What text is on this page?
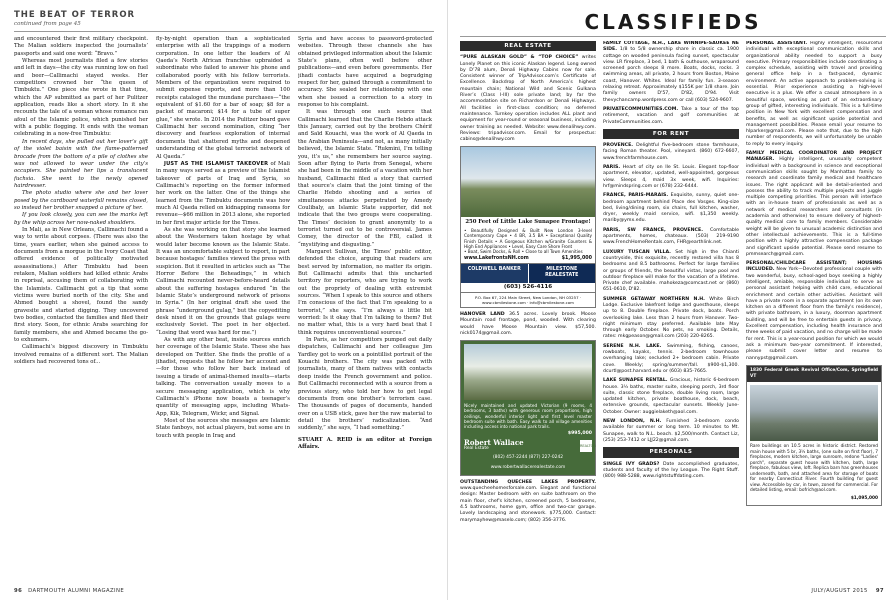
THE BEAT OF TERROR
continued from page 45

and encountered their first military checkpoint. The Malian soldiers inspected the journalists’ passports and said one word: “Bravo.”

Whereas most journalists filed a few stories and left in days—the city was running low on fuel and beer—Callimachi stayed weeks. Her competitors crowned her “the queen of Timbuktu.” One piece she wrote in that time, which the AP submitted as part of her Pulitzer application, reads like a short story. In it she recounts the tale of a woman whose romance ran afoul of the Islamic police, which punished her with a public flogging. It ends with the woman celebrating in a now-free Timbuktu:

In recent days, she pulled out her lover’s gift of the violet baisin with the flame-patterned brocade from the bottom of a pile of clothes she was not allowed to wear under the city’s occupiers. She painted her lips a translucent fuchsia. She went to the newly opened hairdresser.

The photo studio where she and her lover posed by the cardboard waterfall remains closed, so instead her brother snapped a picture of her.

If you look closely, you can see the marks left by the whip across her now-naked shoulders.

In Mali, as in New Orleans, Callimachi found a way to write about corpses. (There was also the time, years earlier, when she gained access to documents from a morgue in the Ivory Coast that offered evidence of politically motivated assassinations.) After Timbuktu had been retaken, Malian soldiers had killed ethnic Arabs in reprisal, accusing them of collaborating with the Islamists. Callimachi got a tip that some victims were buried north of the city. She and Ahmed bought a shovel, found the sandy gravesite and started digging. They uncovered two bodies, contacted the families and filed their first story. Soon, for ethnic Arabs searching for family members, she and Ahmed became the go-to exhumers.

Callimachi’s biggest discovery in Timbuktu involved remains of a different sort. The Malian soldiers had recovered tons of...

fly-by-night operation than a sophisticated enterprise with all the trappings of a modern corporation. In one letter the leaders of Al Qaeda’s North African franchise upbraided a subordinate who failed to answer his phone and collaborated poorly with his fellow terrorists. Members of the organization were required to submit expense reports, and more than 100 receipts cataloged the mundane purchases—“the equivalent of $1.60 for a bar of soap; $8 for a packet of macaroni; $14 for a tube of super glue,” she wrote. In 2014 the Pulitzer board gave Callimachi her second nomination, citing “her discovery and fearless exploration of internal documents that shattered myths and deepened understanding of the global terrorist network of Al Qaeda.”

JUST AS THE ISLAMIST TAKEOVER of Mali in many ways served as a preview of the Islamist takeover of parts of Iraq and Syria, so Callimachi’s reporting on the former informed her work on the latter. One of the things she learned from the Timbuktu documents was how much Al Qaeda relied on kidnapping ransoms for revenue—$66 million in 2013 alone, she reported in her first major article for the Times.

As she was working on that story she learned about the Westerners taken hostage by what would later become known as the Islamic State. It was an uncomfortable subject to report, in part because hostages’ families viewed the press with suspicion. But it resulted in articles such as “The Horror Before the Beheadings,” in which Callimachi recounted never-before-heard details about the suffering hostages endured “in the Islamic State’s underground network of prisons in Syria.” (In her original draft she used the phrase “underground gulag,” but the copyediting desk nixed it on the grounds that gulags were exclusively Soviet. The poet in her objected. “Losing that word was hard for me.”)

As with any other beat, inside sources enrich her coverage of the Islamic State. These she has developed on Twitter. She finds the profile of a jihadist, requests that he follow her account and—for those who follow her back instead of issuing a tirade of animal-themed insults—starts talking. The conversation usually moves to a secure messaging application, which is why Callimachi’s iPhone now boasts a teenager’s quantity of messaging apps, including Whats-App, Kik, Telegram, Wickr, and Signal.

Most of the sources she messages are Islamic State fanboys, not actual players, but some are in touch with people in Iraq and

Syria and have access to password-protected websites. Through these channels she has obtained privileged information about the Islamic State’s plans, often well before other publications—and even before governments. Her jihadi contacts have acquired a begrudging respect for her, gained through a commitment to accuracy. She sealed her relationship with one when she issued a correction to a story in response to his complaint.

It was through one such source that Callimachi learned that the Charlie Hebdo attack this January, carried out by the brothers Chérif and Saïd Kouachi, was the work of Al Qaeda in the Arabian Peninsula—and not, as many initially believed, the Islamic State. “Rukmini, I’m telling you, it’s us,” she remembers her source saying. Soon after flying to Paris from Senegal, where she had been in the middle of a vacation with her husband, Callimachi filed a story that carried that source’s claim that the joint timing of the Charlie Hebdo shooting and a series of simultaneous attacks perpetrated by Amedy Coulibaly, an Islamic State supporter, did not indicate that the two groups were cooperating. The Times’ decision to grant anonymity to a terrorist turned out to be controversial. James Comey, the director of the FBI, called it “mystifying and disgusting.”

Margaret Sullivan, the Times’ public editor, defended the choice, arguing that readers are best served by information, no matter its origin. But Callimachi admits that this uncharted territory for reporters, who are trying to work out the propriety of dealing with extremist sources. “When I speak to this source and others I’m conscious of the fact that I’m speaking to a terrorist,” she says. “I’m always a little bit worried: Is it okay that I’m talking to them? But no matter what, this is a very hard beat that I think requires unconventional sources.”

In Paris, as her competitors pumped out daily dispatches, Callimachi and her colleague Jim Yardley got to work on a pointillist portrait of the Kouachi brothers. The city was packed with journalists, many of them natives with contacts deep inside the French government and police. But Callimachi reconnected with a source from a previous story, who told her how to get legal documents from one brother’s terrorism case. The thousands of pages of documents, handed over on a USB stick, gave her the raw material to detail the brothers’ radicalization. “And suddenly,” she says, “I had something.”

STUART A. REID is an editor at Foreign Affairs.

96 DARTMOUTH ALUMNI MAGAZINE
CLASSIFIEDS
REAL ESTATE

“PURE ALASKAN GOLD” & “TOP CHOICE” writes Lonely Planet on this iconic Alaskan legend. Long owned by D’78 alum, Denali Highway Cabins now for sale. Consistent winner of TripAdvisor.com’s Certificate of Excellence. Backdrop of North America’s highest mountain chain; National Wild and Scenic Gulkana River’s (Class I-III) sole private land; by far the accommodation site on Richardson or Denali Highways. All facilities in first-class condition; no deferred maintenance. Turnkey operation includes ALL plant and equipment for year-round or seasonal business, including owner training as needed. Website: www.denalihwy.com. Reviews: tripadvisor.com. Email for prospectus: cabins@denalihwy.com

250 Feet of Little Lake Sunapee Frontage!
• Beautifully Designed & Built New London 3-level Contemporary Cape • 4 BR, 3.5 BA • Exceptional Quality Finish Details • A Gorgeous Kitchen w/Granite Counters & High End Appliances • Level, Easy Care Shore Front
• Boat, Swim Docks, & Roll • Close to all Town Amenities
www.LakefrontsNH.com	$1,995,000
COLDWELL BANKER	MILESTONE REALESTATE
(603) 526-4116
P.O. Box 67, 224 Main Street, New London, NH 03257 · www.cbmilestone.com · info@cbmilestone.com

HANOVER LAND 36.5 acres. Lovely brook. Moose Mountain road frontage, pond, wooded. With clearing would have Moose Mountain view. $57,500. nick0174@gmail.com.

Nicely maintained and updated Victorian (9 rooms, 4 bedrooms, 3 baths) with generous room proportions, high ceilings, wonderful interior light and first level master bedroom suite with bath. Easy walk to all village amenities including access into national park trails.
$995,000
Robert Wallace
Real Estate	REALTOR
(802) 457-2244 (877) 227-0242
www.robertwallacerealestate.com

OUTSTANDING QUECHEE LAKES PROPERTY. www.quecheehomesforsale.com. Elegant and functional design: Master bedroom with en suite bathroom on the main floor, chef's kitchen, screened porch, 5 bedrooms, 4.5 bathrooms, home gym, office and two-car garage. Lovely landscaping and stonework. $775,000. Contact: marymayhew@maselo.com; (802) 356-3776.

FAMILY COTTAGE, N.H., LAKE WINNIPE-SAUKEE NE SIDE. 1/8 to 5/8 ownership share in classic ca. 1900 cottage on wooded peninsula facing sunset, spectacular view. LR fireplace, 3 bed, 1 bath & outhouse, wraparound screened porch sleeps 8 more. Boats, docks, rocks. 3 swimming areas, all private, 2 hours from Boston, Maine coast, Hanover. Whites. Ideal for family fun. 3-season relaxing retreat. Approximately $155K per 1/8 share. Join family owners D'57, D'82, D'94. Visit thevychancamp.wordpress.com or call (603) 524-9607.

PRIVATECOMMUNITIES.COM. Take a tour of the top retirement, vacation and golf communities at PrivateCommunities.com.

FOR RENT

PROVENCE. Delightful five-bedroom stone farmhouse, facing Roman theater. Pool, vineyard. (860) 672-6607, www.frenchfarmhouse.com.

PARIS. Heart of city on Ile St. Louis. Elegant top-floor apartment, elevator, updated, well-appointed, gorgeous view. Sleeps 4, maid 3x week, wifi. Inquiries: hrf@mindspring.com or (678) 232-6444.

FRANCE, PARIS-MARAIS. Exquisite, sunny, quiet one-bedroom apartment behind Place des Vosges. King-size bed, living/dining room, six chairs, full kitchen, washer, dryer, weekly maid service, wifi. $1,350 weekly. mariby@ymx.edu.

PARIS, SW FRANCE, PROVENCE. Comfortable apartments, homes, chateaux. (503) 219-9190 www.FrenchHomeRentals.com, FHR@earthlink.net.

LUXURY TUSCAN VILLA. Set high in the Chianti countryside, this exquisite, recently restored villa has 8 bedrooms and 8.5 bathrooms. Perfect for large families or groups of friends, the beautiful vistas, large pool and outdoor fireplace will make for the vacation of a lifetime. Private chef available. mahokeza@comcast.net or (860) 651-0610, D'82.

SUMMER GETAWAY NORTHERN N.H. White Birch Lodge. Exclusive lakefront lodge and guesthouse, sleeps up to 8. Double fireplace. Private dock, boats. Porch overlooking lake. Less than 2 hours from Hanover. Two-night minimum stay preferred. Available late May through early October. No pets, no smoking. Details, rates: mkgpeason@gmail.com (203) 220-8265.

SERENE N.H. LAKE. Swimming, fishing, canoes, rowboats, kayaks, tennis. 2-bedroom townhouse overhanging lake; secluded 2+ bedroom cabin. Private cove. Weekly; spring/summer/fall. $900-$1,300. dcurtl@post.harvard.edu or (603) 835-7665.

LAKE SUNAPEE RENTAL. Gracious, historic 6-bedroom house. 3½ baths, master suite, sleeping porch, 3rd floor suite, classic stone fireplace, double living room, large updated kitchen, private boathouse, dock, beach, extensive grounds, spectacular sunsets. Weekly June-October. Owner: auggielaketh@aol.com.

NEW LONDON, N.H. Furnished 3-bedroom condo available for summer or long term. 10 minutes to Mt. Sunapee, walk to N.L. beach. $2,500/month. Contact Liz, (253) 253-7412 or LJJ22@gmail.com.

PERSONALS

SINGLE IVY GRADS? Date accomplished graduates, students and faculty of the Ivy League. The Right Stuff. (800) 988-5288, www.rightstuffdating.com.

PERSONAL ASSISTANT. Highly intelligent, resourceful individual with exceptional communication skills and organizational ability needed to support a busy executive. Primary responsibilities include coordinating a complex schedule, assisting with travel and providing general office help in a fast-paced, dynamic environment. An active approach to problem-solving is essential. Prior experience assisting a high-level executive is a plus. We offer a casual atmosphere in a beautiful space, working as part of an extraordinary group of gifted, interesting individuals. This is a full-time position in New York with excellent compensation and benefits, as well as significant upside potential and management possibilities. Please email your resume to hlparker@gmail.com. Please note that, due to the high number of respondents, we will unfortunately be unable to reply to every inquiry.

FAMILY MEDICAL COORDINATOR AND PROJECT MANAGER. Highly intelligent, unusually competent individual with a background in science and exceptional communication skills sought by Manhattan family to research and coordinate family medical and healthcare issues. The right applicant will be detail-oriented and possess the ability to track multiple projects and juggle multiple competing priorities. This person will interface with an in-house team of professionals as well as a network of medical researchers and consultants (in academia and otherwise) to ensure delivery of highest-quality medical care to family members. Considerable weight will be given to unusual academic distinction and other intellectual achievements. This is a full-time position with a highly attractive compensation package and significant upside potential. Please send resume to pmmsearch@gmail.com.

PERSONAL/CHILDCARE ASSISTANT; HOUSING INCLUDED. New York—Devoted professional couple with two wonderful, busy, school-aged boys seeking a highly intelligent, amiable, responsible individual to serve as personal assistant helping with child care, educational enrichment and certain other activities. Assistant will have a private room in a separate apartment (on its own kitchen on a different floor from the family's residence), with private bathroom, in a luxury, doorman apartment building, and will be free to entertain guests in privacy. Excellent compensation, including health insurance and three weeks of paid vacation, and no charge will be made for rent. This is a year-round position for which we would ask a minimum two-year commitment. If interested, please submit cover letter and resume to nannypst@gmail.com.

1830 Federal Greek Revival Office/Com, Springfield VT
Rare buildings on 10.5 acres in historic district. Restored main house with 5 br, 3½ baths, (one suite on first floor), 7 fireplaces, modern kitchen, large sunroom, redone "Ladies' porch", separate guest house with kitchen, bath, large fireplace, fabulous view, loft. Replica barn has greenhouses underneath, bath, and attached area for storage of boats for nearby Connecticut River. Fourth building for guest view. Accessible by car, in town, zoned for commercial. For detailed listing, email: bofrich@aol.com.
$1,095,000
JULY/AUGUST 2015 97
